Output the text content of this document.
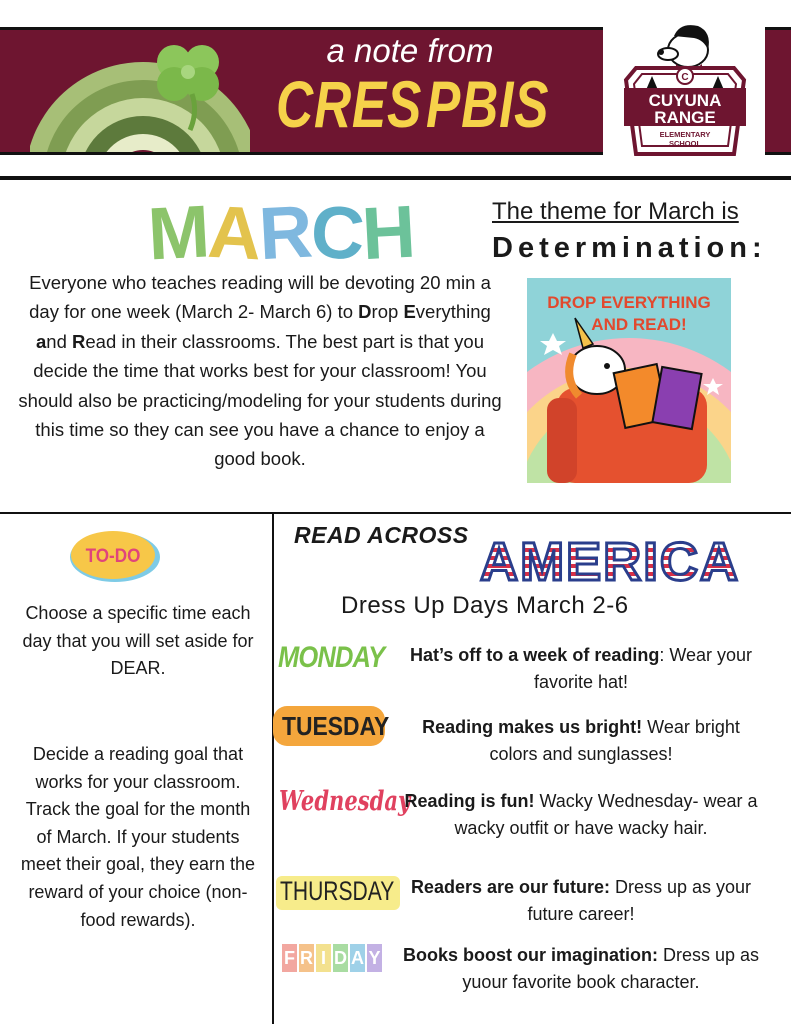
a note from
CRES PBIS	C
CUYUNA
RANGE
ELEMENTARY
SCHOOL
MARCH	The theme for March is
Determination:
Everyone who teaches reading will be devoting 20 min a day for one week (March 2- March 6) to Drop Everything and Read in their classrooms. The best part is that you decide the time that works best for your classroom! You should also be practicing/modeling for your students during this time so they can see you have a chance to enjoy a good book.
DROP EVERYTHING
AND READ!
TO-DO
Choose a specific time each day that you will set aside for DEAR.
Decide a reading goal that works for your classroom. Track the goal for the month of March. If your students meet their goal, they earn the reward of your choice (non-food rewards).
READ ACROSS AMERICA
Dress Up Days March 2-6
MONDAY	Hat’s off to a week of reading: Wear your favorite hat!
TUESDAY	Reading makes us bright! Wear bright colors and sunglasses!
Wednesday
Reading is fun! Wacky Wednesday- wear a wacky outfit or have wacky hair.
THURSDAY Readers are our future: Dress up as your future career!
F R I D A Y Books boost our imagination: Dress up as yuour favorite book character.
